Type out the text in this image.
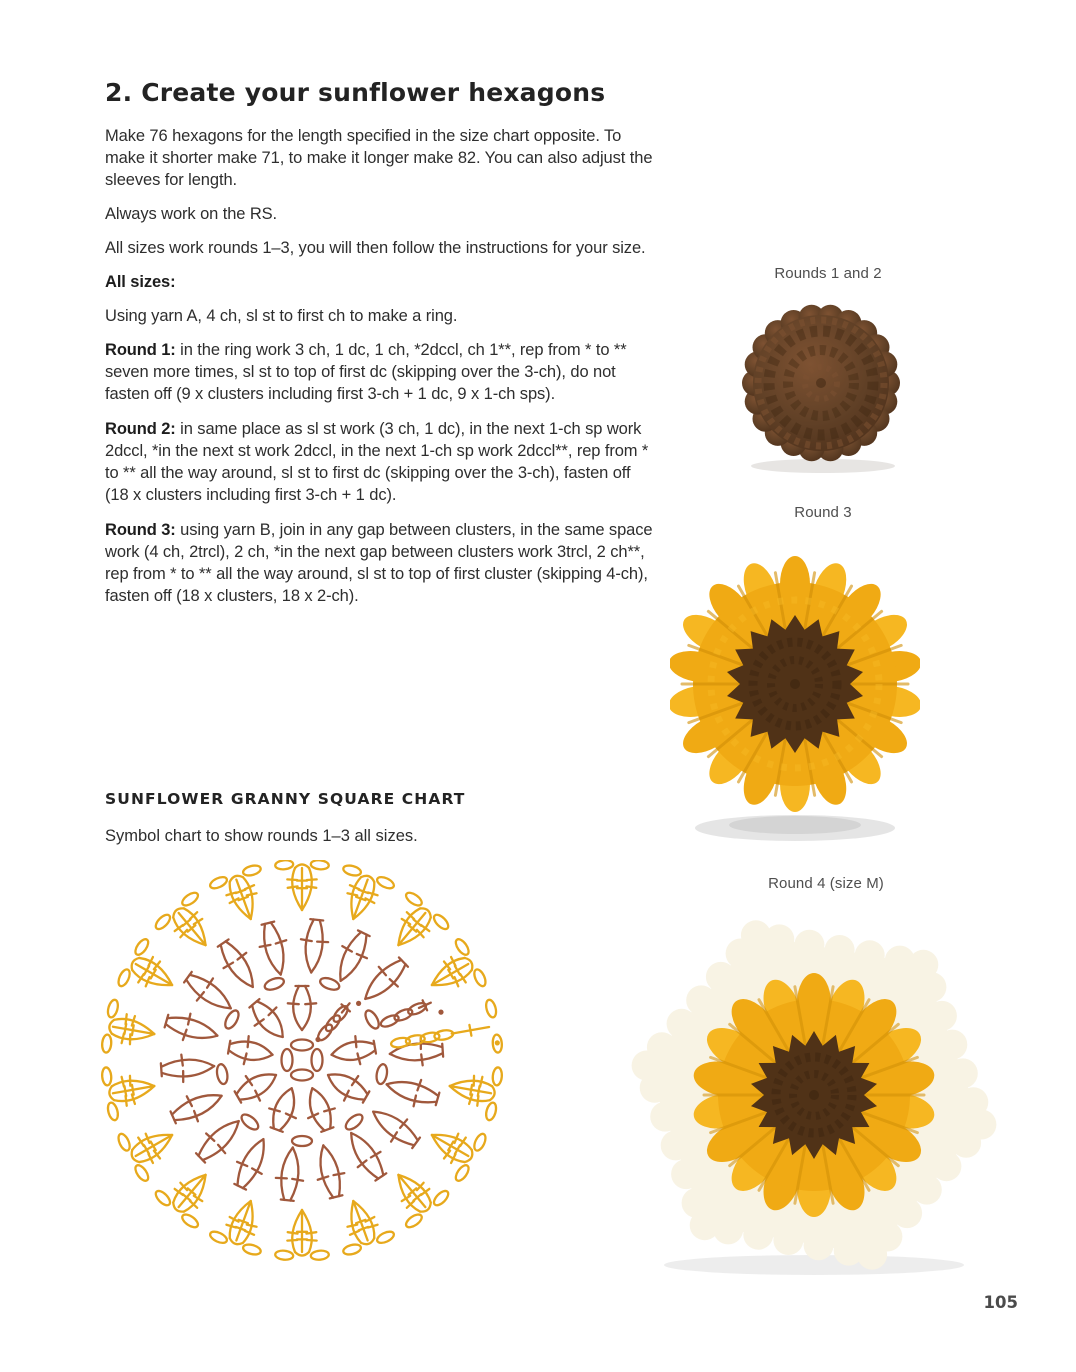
2. Create your sunflower hexagons

Make 76 hexagons for the length specified in the size chart opposite. To make it shorter make 71, to make it longer make 82. You can also adjust the sleeves for length.

Always work on the RS.

All sizes work rounds 1–3, you will then follow the instructions for your size.

All sizes:

Using yarn A, 4 ch, sl st to first ch to make a ring.

Round 1: in the ring work 3 ch, 1 dc, 1 ch, *2dccl, ch 1**, rep from * to ** seven more times, sl st to top of first dc (skipping over the 3-ch), do not fasten off (9 x clusters including first 3-ch + 1 dc, 9 x 1-ch sps).

Round 2: in same place as sl st work (3 ch, 1 dc), in the next 1-ch sp work 2dccl, *in the next st work 2dccl, in the next 1-ch sp work 2dccl**, rep from * to ** all the way around, sl st to first dc (skipping over the 3-ch), fasten off (18 x clusters including first 3-ch + 1 dc).

Round 3: using yarn B, join in any gap between clusters, in the same space work (4 ch, 2trcl), 2 ch, *in the next gap between clusters work 3trcl, 2 ch**, rep from * to ** all the way around, sl st to top of first cluster (skipping 4-ch), fasten off (18 x clusters, 18 x 2-ch).

SUNFLOWER GRANNY SQUARE CHART

Symbol chart to show rounds 1–3 all sizes.

Rounds 1 and 2
Round 3
Round 4 (size M)
105
